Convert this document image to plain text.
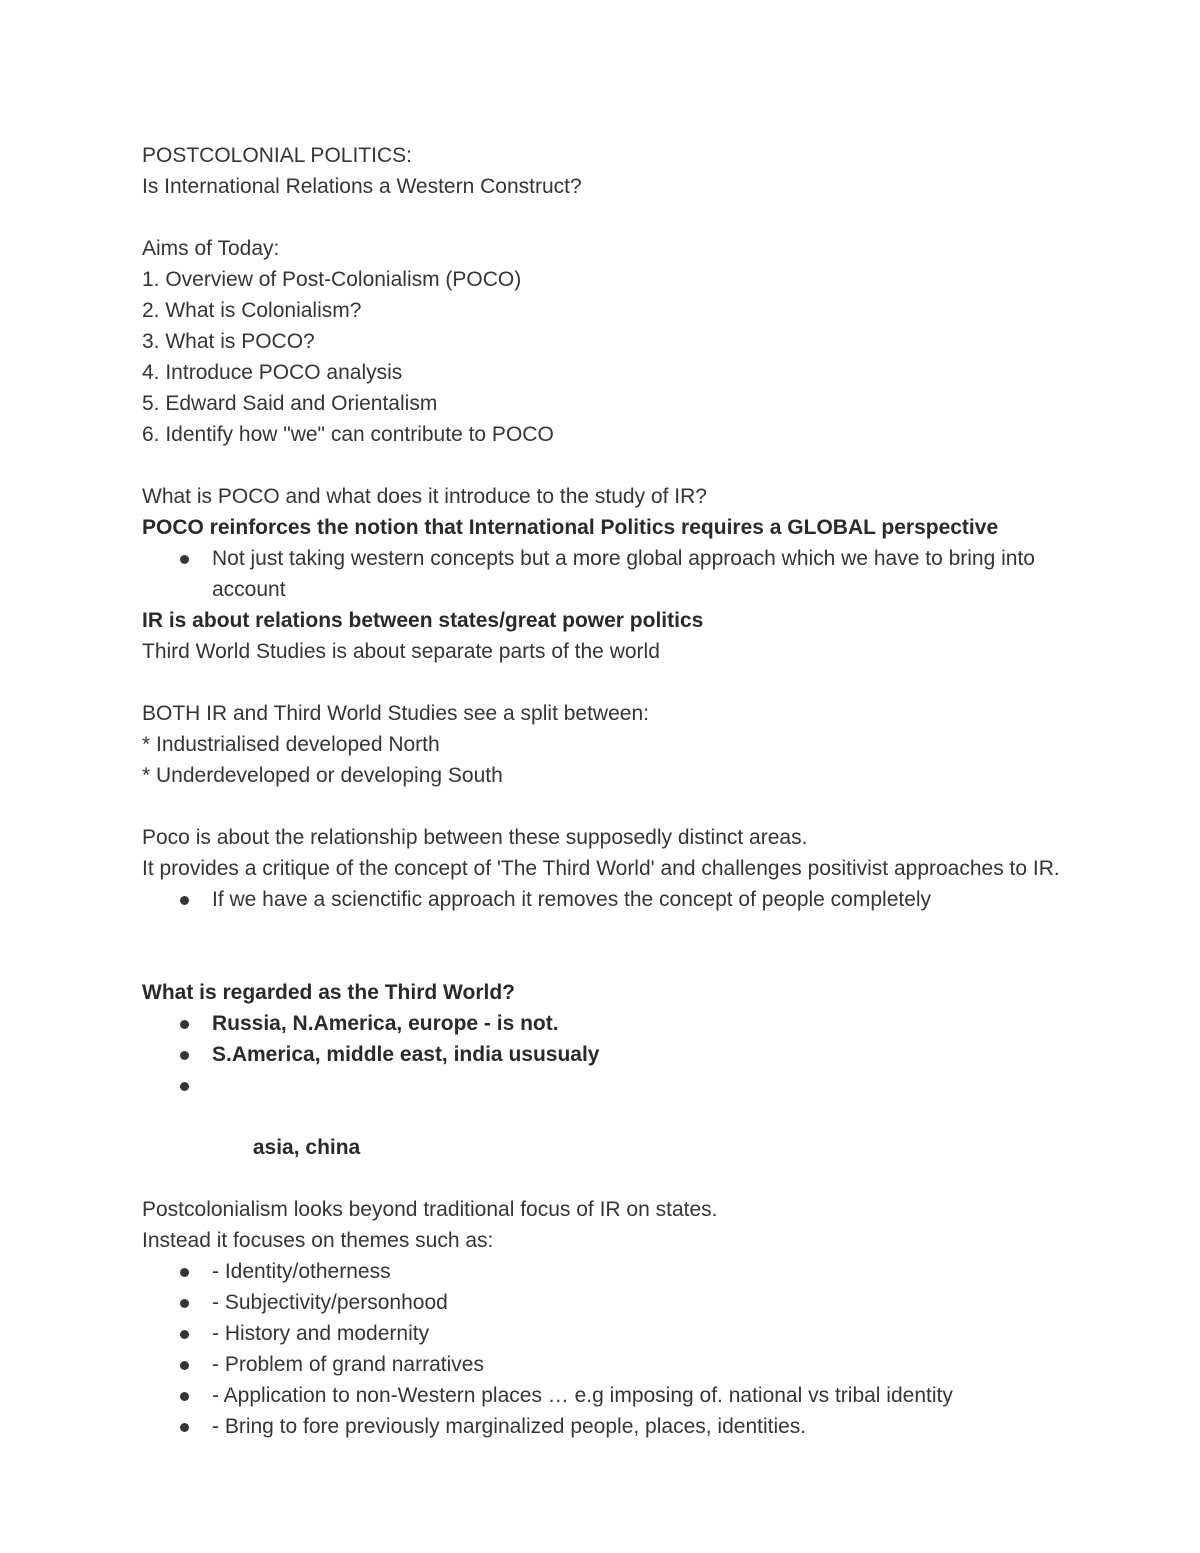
POSTCOLONIAL POLITICS:

Is International Relations a Western Construct?

Aims of Today:

1. Overview of Post-Colonialism (POCO)

2. What is Colonialism?

3. What is POCO?

4. Introduce POCO analysis

5. Edward Said and Orientalism

6. Identify how "we" can contribute to POCO

What is POCO and what does it introduce to the study of IR?

POCO reinforces the notion that International Politics requires a GLOBAL perspective

Not just taking western concepts but a more global approach which we have to bring into account

IR is about relations between states/great power politics

Third World Studies is about separate parts of the world

BOTH IR and Third World Studies see a split between:

* Industrialised developed North

* Underdeveloped or developing South

Poco is about the relationship between these supposedly distinct areas.

It provides a critique of the concept of 'The Third World' and challenges positivist approaches to IR.

If we have a scienctific approach it removes the concept of people completely

What is regarded as the Third World?

Russia, N.America, europe - is not.
S.America, middle east, india ususualy

asia, china

Postcolonialism looks beyond traditional focus of IR on states.

Instead it focuses on themes such as:

- Identity/otherness
- Subjectivity/personhood
- History and modernity
- Problem of grand narratives
- Application to non-Western places … e.g imposing of. national vs tribal identity
- Bring to fore previously marginalized people, places, identities.
